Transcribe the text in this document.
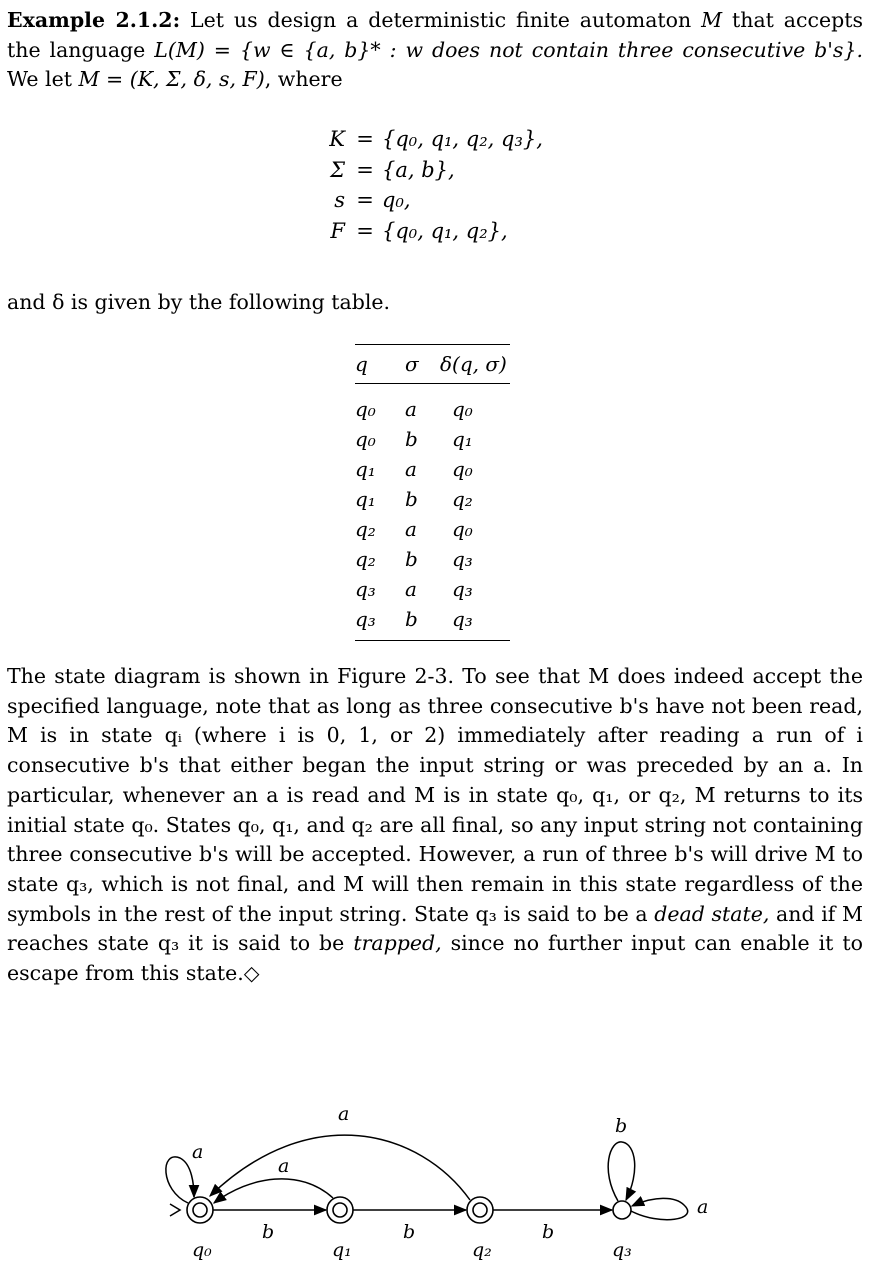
Example 2.1.2: Let us design a deterministic finite automaton M that accepts the language L(M) = {w ∈ {a, b}* : w does not contain three consecutive b's}. We let M = (K, Σ, δ, s, F), where

K = {q₀, q₁, q₂, q₃},
Σ = {a, b},
s = q₀,
F = {q₀, q₁, q₂},

and δ is given by the following table.

q	σ	δ(q, σ)
q₀	a	q₀
q₀	b	q₁
q₁	a	q₀
q₁	b	q₂
q₂	a	q₀
q₂	b	q₃
q₃	a	q₃
q₃	b	q₃

The state diagram is shown in Figure 2-3. To see that M does indeed accept the specified language, note that as long as three consecutive b's have not been read, M is in state qᵢ (where i is 0, 1, or 2) immediately after reading a run of i consecutive b's that either began the input string or was preceded by an a. In particular, whenever an a is read and M is in state q₀, q₁, or q₂, M returns to its initial state q₀. States q₀, q₁, and q₂ are all final, so any input string not containing three consecutive b's will be accepted. However, a run of three b's will drive M to state q₃, which is not final, and M will then remain in this state regardless of the symbols in the rest of the input string. State q₃ is said to be a dead state, and if M reaches state q₃ it is said to be trapped, since no further input can enable it to escape from this state.◇

a
a
a
b	b	b
b
a
q₀	q₁	q₂	q₃
